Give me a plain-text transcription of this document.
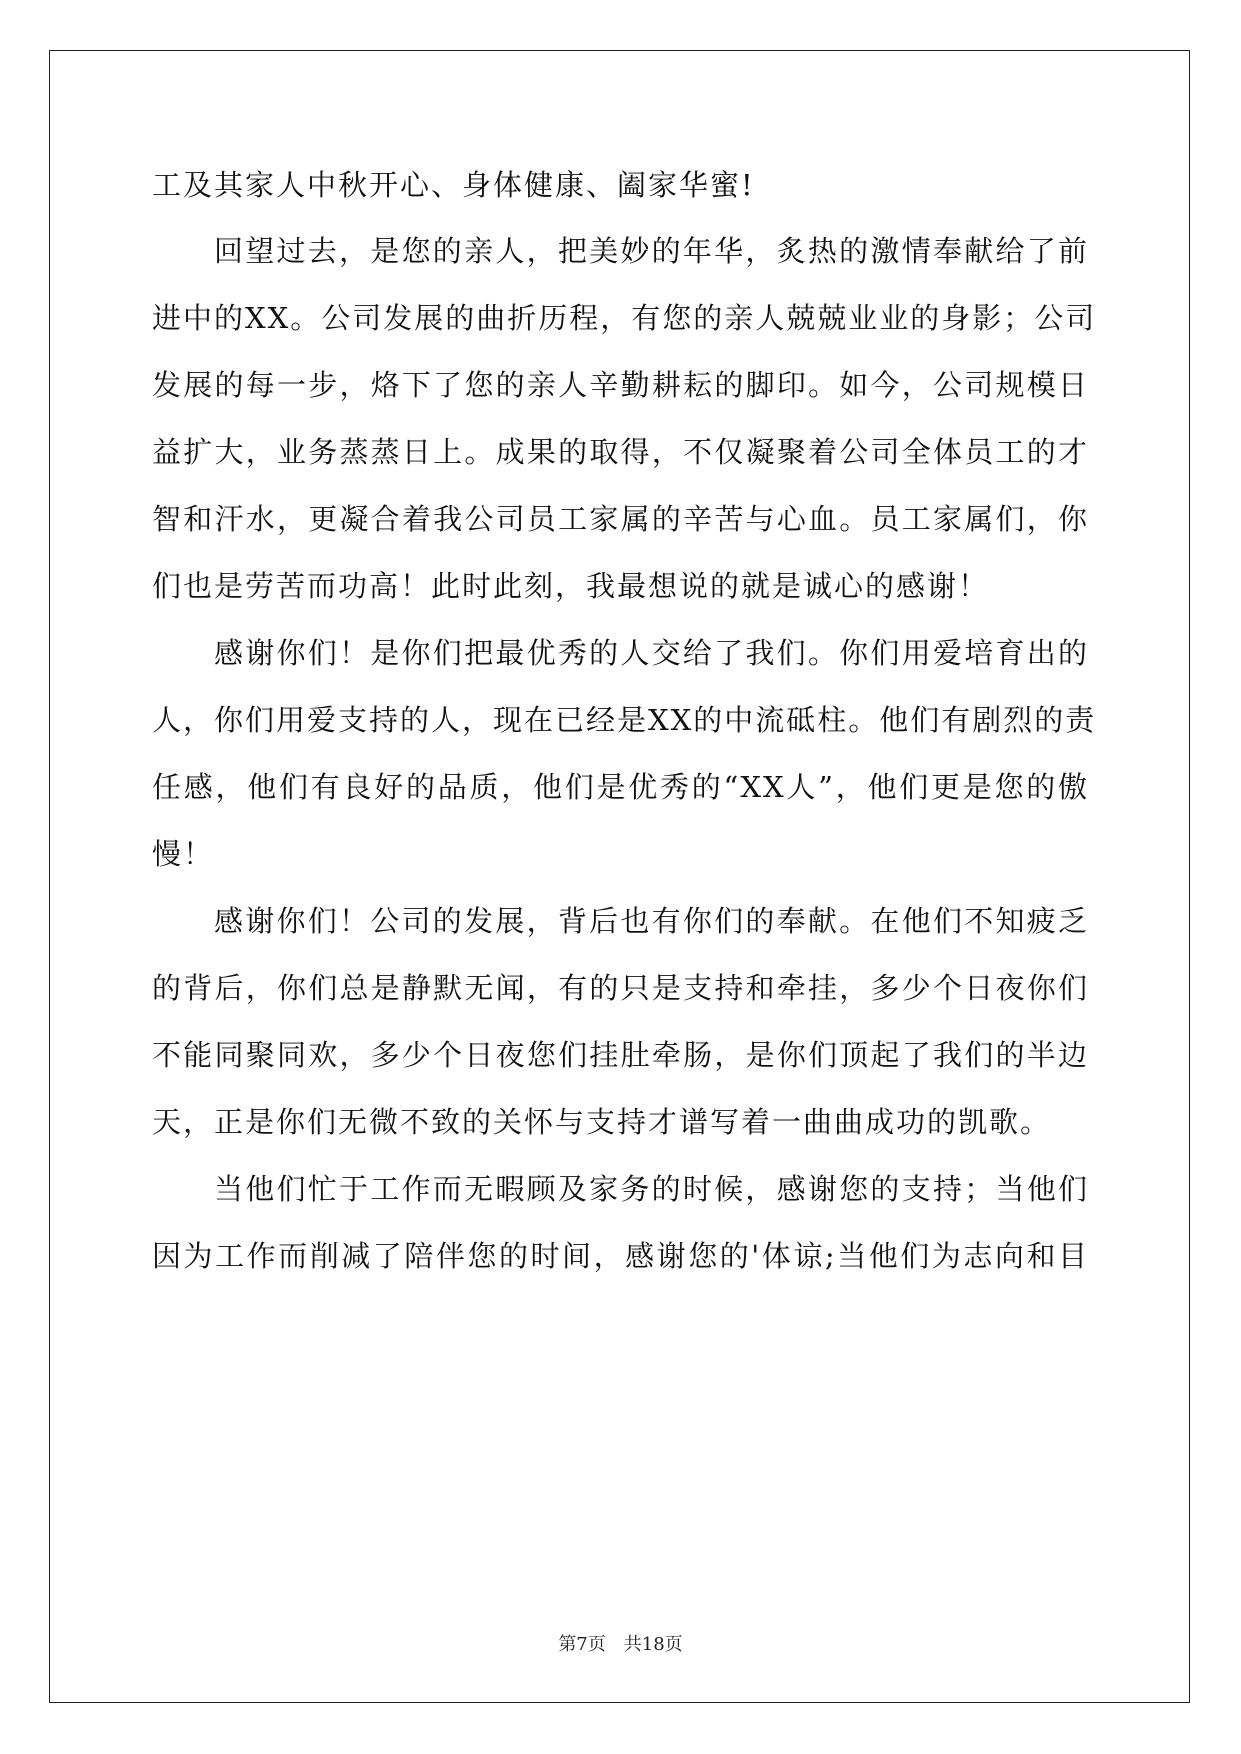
工及其家人中秋开心、身体健康、阖家华蜜!
回望过去，是您的亲人，把美妙的年华，炙热的激情奉献给了前
进中的XX。公司发展的曲折历程，有您的亲人兢兢业业的身影；公司
发展的每一步，烙下了您的亲人辛勤耕耘的脚印。如今，公司规模日
益扩大，业务蒸蒸日上。成果的取得，不仅凝聚着公司全体员工的才
智和汗水，更凝合着我公司员工家属的辛苦与心血。员工家属们，你
们也是劳苦而功高！此时此刻，我最想说的就是诚心的感谢！
感谢你们！是你们把最优秀的人交给了我们。你们用爱培育出的
人，你们用爱支持的人，现在已经是XX的中流砥柱。他们有剧烈的责
任感，他们有良好的品质，他们是优秀的“XX人”，他们更是您的傲
慢！
感谢你们！公司的发展，背后也有你们的奉献。在他们不知疲乏
的背后，你们总是静默无闻，有的只是支持和牵挂，多少个日夜你们
不能同聚同欢，多少个日夜您们挂肚牵肠，是你们顶起了我们的半边
天，正是你们无微不致的关怀与支持才谱写着一曲曲成功的凯歌。
当他们忙于工作而无暇顾及家务的时候，感谢您的支持；当他们
因为工作而削减了陪伴您的时间，感谢您的'体谅;当他们为志向和目
第7页 共18页
